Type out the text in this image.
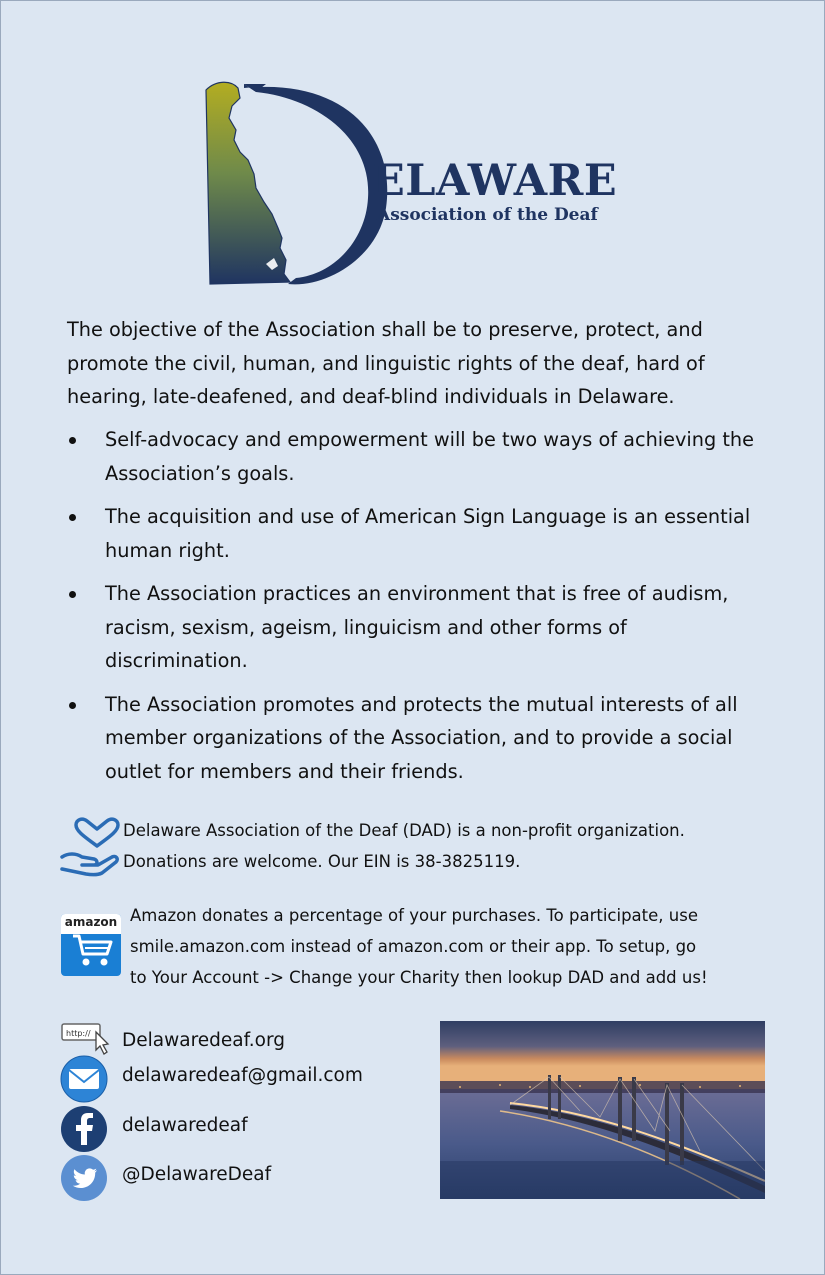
ELAWARE
Association of the Deaf
The objective of the Association shall be to preserve, protect, and promote the civil, human, and linguistic rights of the deaf, hard of hearing, late-deafened, and deaf-blind individuals in Delaware.
Self-advocacy and empowerment will be two ways of achieving the Association’s goals.
The acquisition and use of American Sign Language is an essential human right.
The Association practices an environment that is free of audism, racism, sexism, ageism, linguicism and other forms of discrimination.
The Association promotes and protects the mutual interests of all member organizations of the Association, and to provide a social outlet for members and their friends.
Delaware Association of the Deaf (DAD) is a non-profit organization.
Donations are welcome. Our EIN is 38-3825119.
amazon Amazon donates a percentage of your purchases. To participate, use
smile.amazon.com instead of amazon.com or their app. To setup, go
to Your Account -> Change your Charity then lookup DAD and add us!
http:// Delawaredeaf.org
delawaredeaf@gmail.com
delawaredeaf
@DelawareDeaf
